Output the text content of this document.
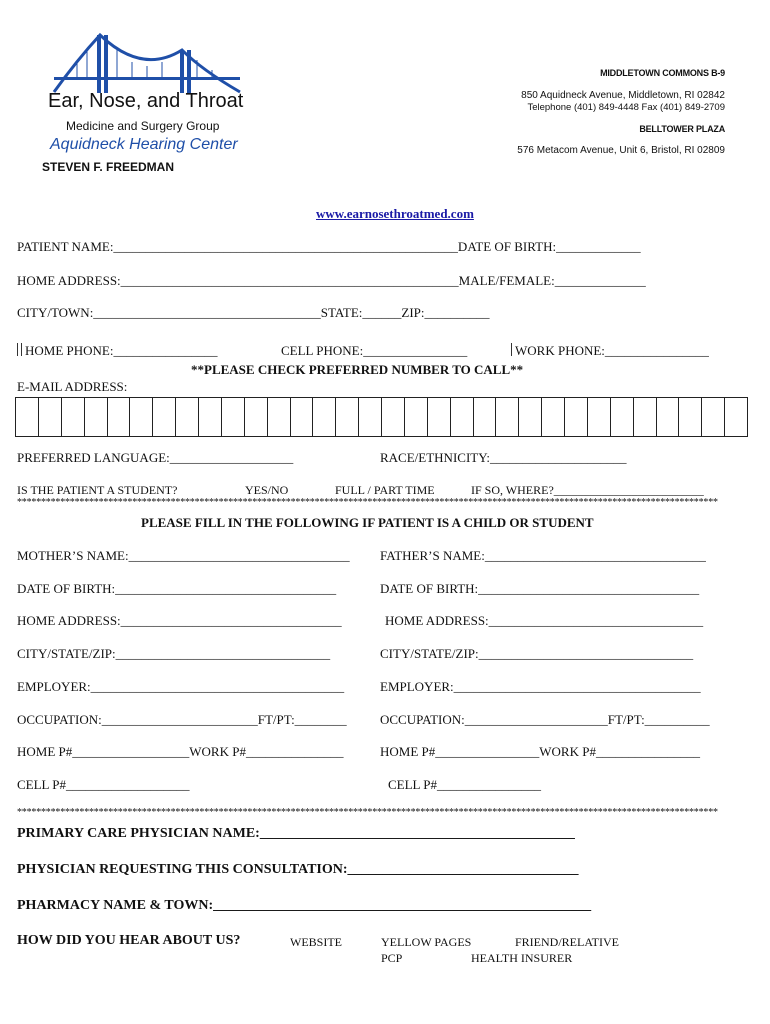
Ear, Nose, and Throat
Medicine and Surgery Group
Aquidneck Hearing Center
STEVEN F. FREEDMAN
MIDDLETOWN COMMONS B-9
850 Aquidneck Avenue, Middletown, RI 02842
Telephone (401) 849-4448 Fax (401) 849-2709
BELLTOWER PLAZA
576 Metacom Avenue, Unit 6, Bristol, RI 02809
www.earnosethroatmed.com
PATIENT NAME:_____________________________________________________DATE OF BIRTH:_____________
HOME ADDRESS:____________________________________________________MALE/FEMALE:______________
CITY/TOWN:___________________________________STATE:______ZIP:__________
HOME PHONE:________________	CELL PHONE:________________	WORK PHONE:________________
**PLEASE CHECK PREFERRED NUMBER TO CALL**
E-MAIL ADDRESS:
PREFERRED LANGUAGE:___________________	RACE/ETHNICITY:_____________________
IS THE PATIENT A STUDENT?	YES/NO	FULL / PART TIME	IF SO, WHERE?_________________________
**************************************************************************************************************************************************
PLEASE FILL IN THE FOLLOWING IF PATIENT IS A CHILD OR STUDENT
MOTHER’S NAME:__________________________________ FATHER’S NAME:__________________________________
DATE OF BIRTH:__________________________________	DATE OF BIRTH:__________________________________
HOME ADDRESS:__________________________________	HOME ADDRESS:_________________________________
CITY/STATE/ZIP:_________________________________	CITY/STATE/ZIP:_________________________________
EMPLOYER:_______________________________________	EMPLOYER:______________________________________
OCCUPATION:________________________FT/PT:________	OCCUPATION:______________________FT/PT:__________
HOME P#__________________WORK P#_______________	HOME P#________________WORK P#________________
CELL P#___________________	CELL P#________________
**************************************************************************************************************************************************
PRIMARY CARE PHYSICIAN NAME:_____________________________________________
PHYSICIAN REQUESTING THIS CONSULTATION:_________________________________
PHARMACY NAME & TOWN:______________________________________________________
HOW DID YOU HEAR ABOUT US?	WEBSITE	YELLOW PAGES	FRIEND/RELATIVE
PCP	HEALTH INSURER
